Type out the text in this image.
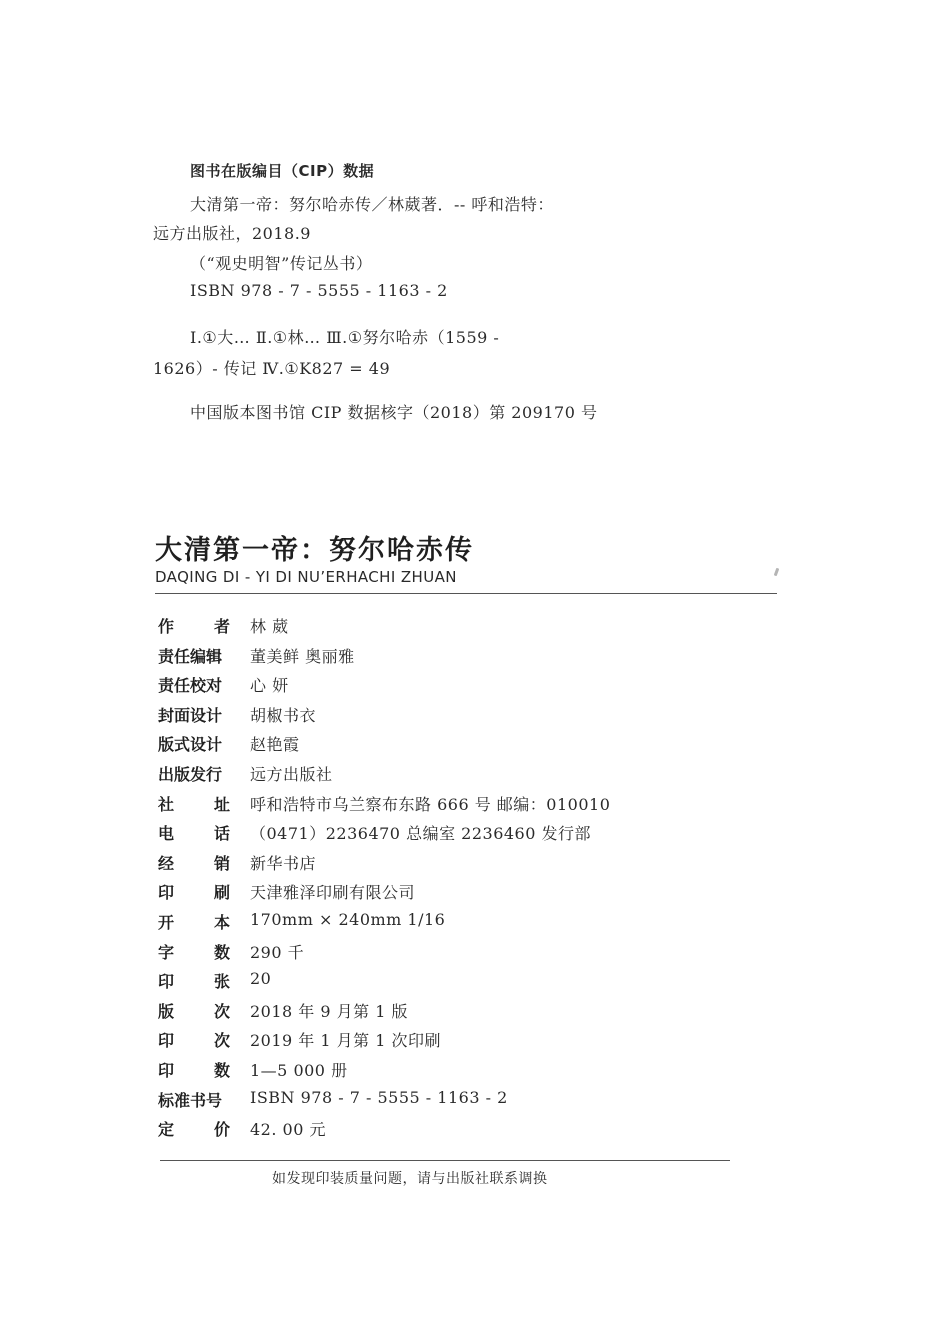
图书在版编目（CIP）数据
大清第一帝：努尔哈赤传／林葳著．-- 呼和浩特：
远方出版社，2018.9
（“观史明智”传记丛书）
ISBN 978 - 7 - 5555 - 1163 - 2
Ⅰ.①大… Ⅱ.①林… Ⅲ.①努尔哈赤（1559 -
1626）- 传记 Ⅳ.①K827 = 49
中国版本图书馆 CIP 数据核字（2018）第 209170 号
大清第一帝：努尔哈赤传
DAQING DI - YI DI NU’ERHACHI ZHUAN
作 者 林 葳
责任编辑 董美鲜 奥丽雅
责任校对 心 妍
封面设计 胡椒书衣
版式设计 赵艳霞
出版发行 远方出版社
社 址 呼和浩特市乌兰察布东路 666 号 邮编：010010
电 话 （0471）2236470 总编室 2236460 发行部
经 销 新华书店
印 刷 天津雅泽印刷有限公司
开 本 170mm × 240mm 1/16
字 数 290 千
印 张 20
版 次 2018 年 9 月第 1 版
印 次 2019 年 1 月第 1 次印刷
印 数 1—5 000 册
标准书号 ISBN 978 - 7 - 5555 - 1163 - 2
定 价 42. 00 元
如发现印装质量问题，请与出版社联系调换
